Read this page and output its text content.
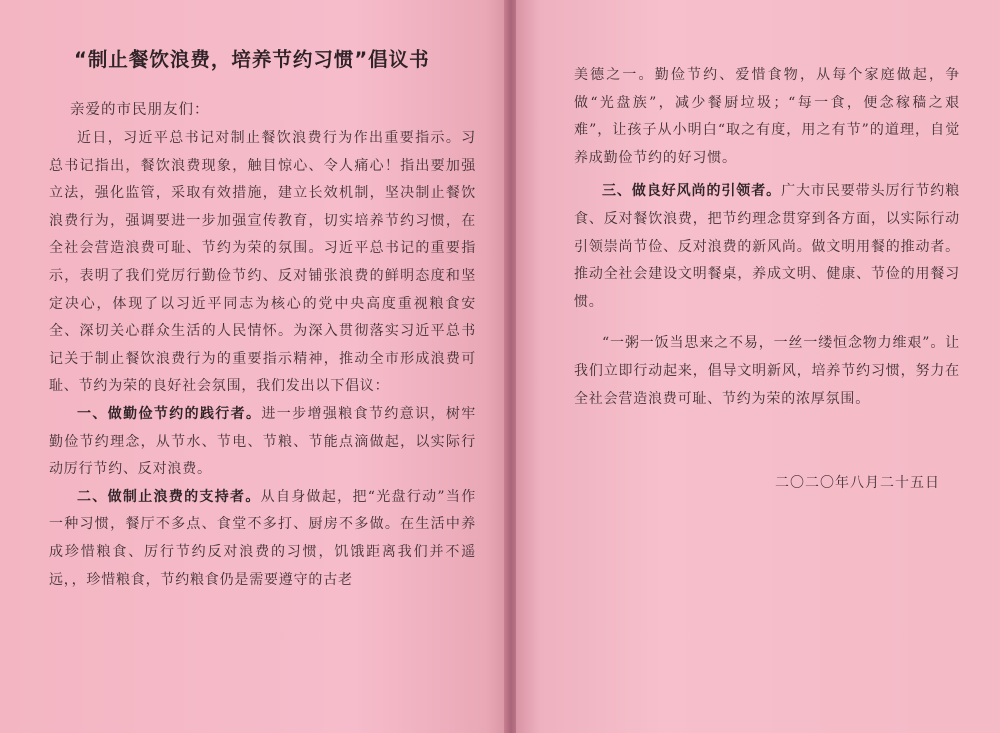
“制止餐饮浪费，培养节约习惯”倡议书
亲爱的市民朋友们：

近日，习近平总书记对制止餐饮浪费行为作出重要指示。习总书记指出，餐饮浪费现象，触目惊心、令人痛心！指出要加强立法，强化监管，采取有效措施，建立长效机制，坚决制止餐饮浪费行为，强调要进一步加强宣传教育，切实培养节约习惯，在全社会营造浪费可耻、节约为荣的氛围。习近平总书记的重要指示，表明了我们党厉行勤俭节约、反对铺张浪费的鲜明态度和坚定决心，体现了以习近平同志为核心的党中央高度重视粮食安全、深切关心群众生活的人民情怀。为深入贯彻落实习近平总书记关于制止餐饮浪费行为的重要指示精神，推动全市形成浪费可耻、节约为荣的良好社会氛围，我们发出以下倡议：

一、做勤俭节约的践行者。进一步增强粮食节约意识，树牢勤俭节约理念，从节水、节电、节粮、节能点滴做起，以实际行动厉行节约、反对浪费。

二、做制止浪费的支持者。从自身做起，把“光盘行动”当作一种习惯，餐厅不多点、食堂不多打、厨房不多做。在生活中养成珍惜粮食、厉行节约反对浪费的习惯，饥饿距离我们并不遥远，，珍惜粮食，节约粮食仍是需要遵守的古老

美德之一。勤俭节约、爱惜食物，从每个家庭做起，争做“光盘族”，减少餐厨垃圾；“每一食，便念稼穑之艰难”，让孩子从小明白“取之有度，用之有节”的道理，自觉养成勤俭节约的好习惯。

三、做良好风尚的引领者。广大市民要带头厉行节约粮食、反对餐饮浪费，把节约理念贯穿到各方面，以实际行动引领崇尚节俭、反对浪费的新风尚。做文明用餐的推动者。推动全社会建设文明餐桌，养成文明、健康、节俭的用餐习惯。

“一粥一饭当思来之不易，一丝一缕恒念物力维艰”。让我们立即行动起来，倡导文明新风，培养节约习惯，努力在全社会营造浪费可耻、节约为荣的浓厚氛围。

二〇二〇年八月二十五日
